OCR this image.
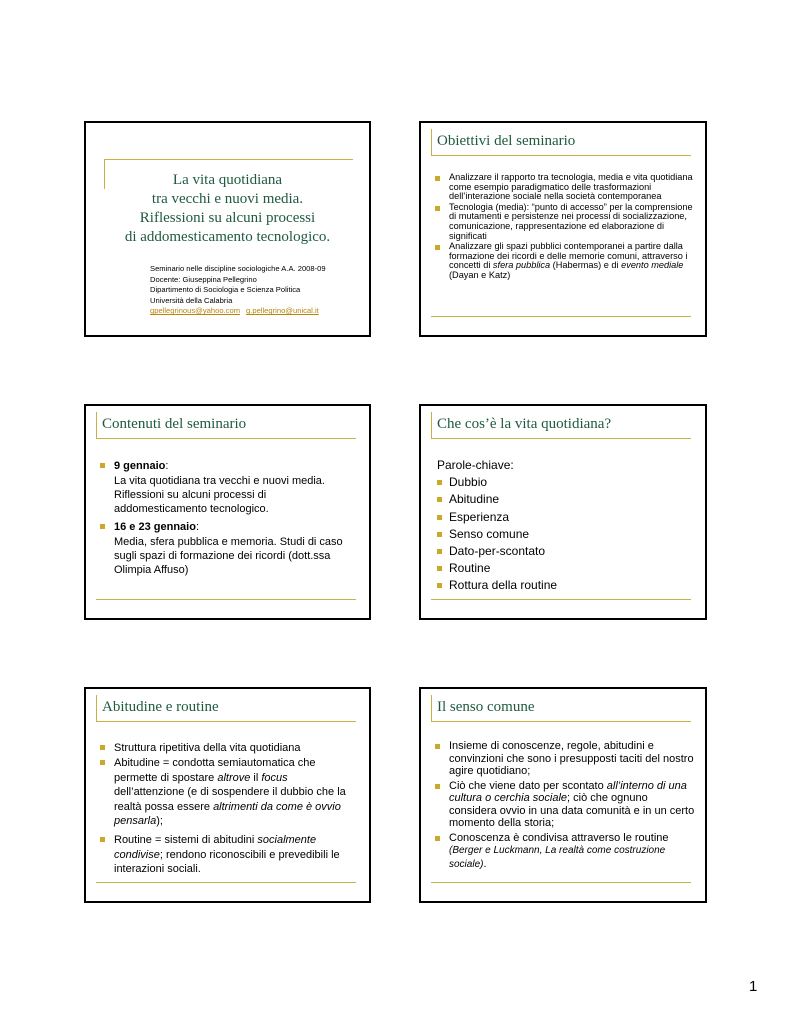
La vita quotidiana
tra vecchi e nuovi media.
Riflessioni su alcuni processi
di addomesticamento tecnologico.
Seminario nelle discipline sociologiche A.A. 2008-09
Docente: Giuseppina Pellegrino
Dipartimento di Sociologia e Scienza Politica
Università della Calabria
gpellegrinous@yahoo.com g.pellegrino@unical.it
Obiettivi del seminario
Analizzare il rapporto tra tecnologia, media e vita quotidiana come esempio paradigmatico delle trasformazioni dell’interazione sociale nella società contemporanea
Tecnologia (media): “punto di accesso” per la comprensione di mutamenti e persistenze nei processi di socializzazione, comunicazione, rappresentazione ed elaborazione di significati
Analizzare gli spazi pubblici contemporanei a partire dalla formazione dei ricordi e delle memorie comuni, attraverso i concetti di sfera pubblica (Habermas) e di evento mediale (Dayan e Katz)
Contenuti del seminario
9 gennaio:
La vita quotidiana tra vecchi e nuovi media. Riflessioni su alcuni processi di addomesticamento tecnologico.
16 e 23 gennaio:
Media, sfera pubblica e memoria. Studi di caso sugli spazi di formazione dei ricordi (dott.ssa Olimpia Affuso)
Che cos’è la vita quotidiana?
Parole-chiave:
Dubbio
Abitudine
Esperienza
Senso comune
Dato-per-scontato
Routine
Rottura della routine
Abitudine e routine
Struttura ripetitiva della vita quotidiana
Abitudine = condotta semiautomatica che permette di spostare altrove il focus dell’attenzione (e di sospendere il dubbio che la realtà possa essere altrimenti da come è ovvio pensarla);
Routine = sistemi di abitudini socialmente condivise; rendono riconoscibili e prevedibili le interazioni sociali.
Il senso comune
Insieme di conoscenze, regole, abitudini e convinzioni che sono i presupposti taciti del nostro agire quotidiano;
Ciò che viene dato per scontato all’interno di una cultura o cerchia sociale; ciò che ognuno considera ovvio in una data comunità e in un certo momento della storia;
Conoscenza è condivisa attraverso le routine (Berger e Luckmann, La realtà come costruzione sociale).
1
